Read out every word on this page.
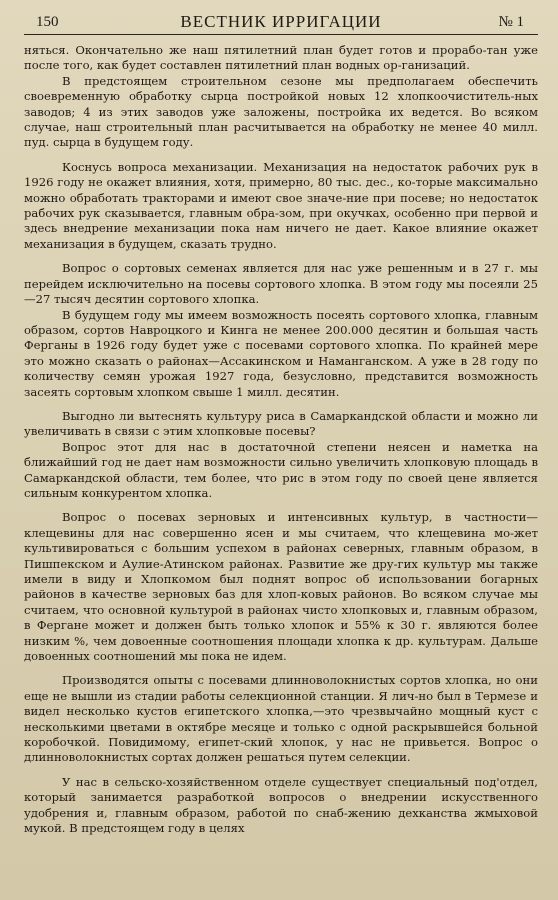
150	ВЕСТНИК ИРРИГАЦИИ	№ 1

няться. Окончательно же наш пятилетний план будет готов и прорабо-тан уже после того, как будет составлен пятилетний план водных ор-ганизаций.

В предстоящем строительном сезоне мы предполагаем обеспечить своевременную обработку сырца постройкой новых 12 хлопкоочиститель-ных заводов; 4 из этих заводов уже заложены, постройка их ведется. Во всяком случае, наш строительный план расчитывается на обработку не менее 40 милл. пуд. сырца в будущем году.

Коснусь вопроса механизации. Механизация на недостаток рабочих рук в 1926 году не окажет влияния, хотя, примерно, 80 тыс. дес., ко-торые максимально можно обработать тракторами и имеют свое значе-ние при посеве; но недостаток рабочих рук сказывается, главным обра-зом, при окучках, особенно при первой и здесь внедрение механизации пока нам ничего не дает. Какое влияние окажет механизация в будущем, сказать трудно.

Вопрос о сортовых семенах является для нас уже решенным и в 27 г. мы перейдем исключительно на посевы сортового хлопка. В этом году мы посеяли 25—27 тысяч десятин сортового хлопка.

В будущем году мы имеем возможность посеять сортового хлопка, главным образом, сортов Навроцкого и Кинга не менее 200.000 десятин и большая часть Ферганы в 1926 году будет уже с посевами сортового хлопка. По крайней мере это можно сказать о районах—Ассакинском и Наманганском. А уже в 28 году по количеству семян урожая 1927 года, безусловно, представится возможность засеять сортовым хлопком свыше 1 милл. десятин.

Выгодно ли вытеснять культуру риса в Самаркандской области и можно ли увеличивать в связи с этим хлопковые посевы?

Вопрос этот для нас в достаточной степени неясен и наметка на ближайший год не дает нам возможности сильно увеличить хлопковую площадь в Самаркандской области, тем более, что рис в этом году по своей цене является сильным конкурентом хлопка.

Вопрос о посевах зерновых и интенсивных культур, в частности—клещевины для нас совершенно ясен и мы считаем, что клещевина мо-жет культивироваться с большим успехом в районах северных, главным образом, в Пишпекском и Аулие-Атинском районах. Развитие же дру-гих культур мы также имели в виду и Хлопкомом был поднят вопрос об использовании богарных районов в качестве зерновых баз для хлоп-ковых районов. Во всяком случае мы считаем, что основной культурой в районах чисто хлопковых и, главным образом, в Фергане может и должен быть только хлопок и 55% к 30 г. являются более низким %, чем довоенные соотношения площади хлопка к др. культурам. Дальше довоенных соотношений мы пока не идем.

Производятся опыты с посевами длинноволокнистых сортов хлопка, но они еще не вышли из стадии работы селекционной станции. Я лич-но был в Термезе и видел несколько кустов египетского хлопка,—это чрезвычайно мощный куст с несколькими цветами в октябре месяце и только с одной раскрывшейся больной коробочкой. Повидимому, египет-ский хлопок, у нас не привьется. Вопрос о длинноволокнистых сортах должен решаться путем селекции.

У нас в сельско-хозяйственном отделе существует специальный под'отдел, который занимается разработкой вопросов о внедрении искусственного удобрения и, главным образом, работой по снаб-жению дехканства жмыховой мукой. В предстоящем году в целях
